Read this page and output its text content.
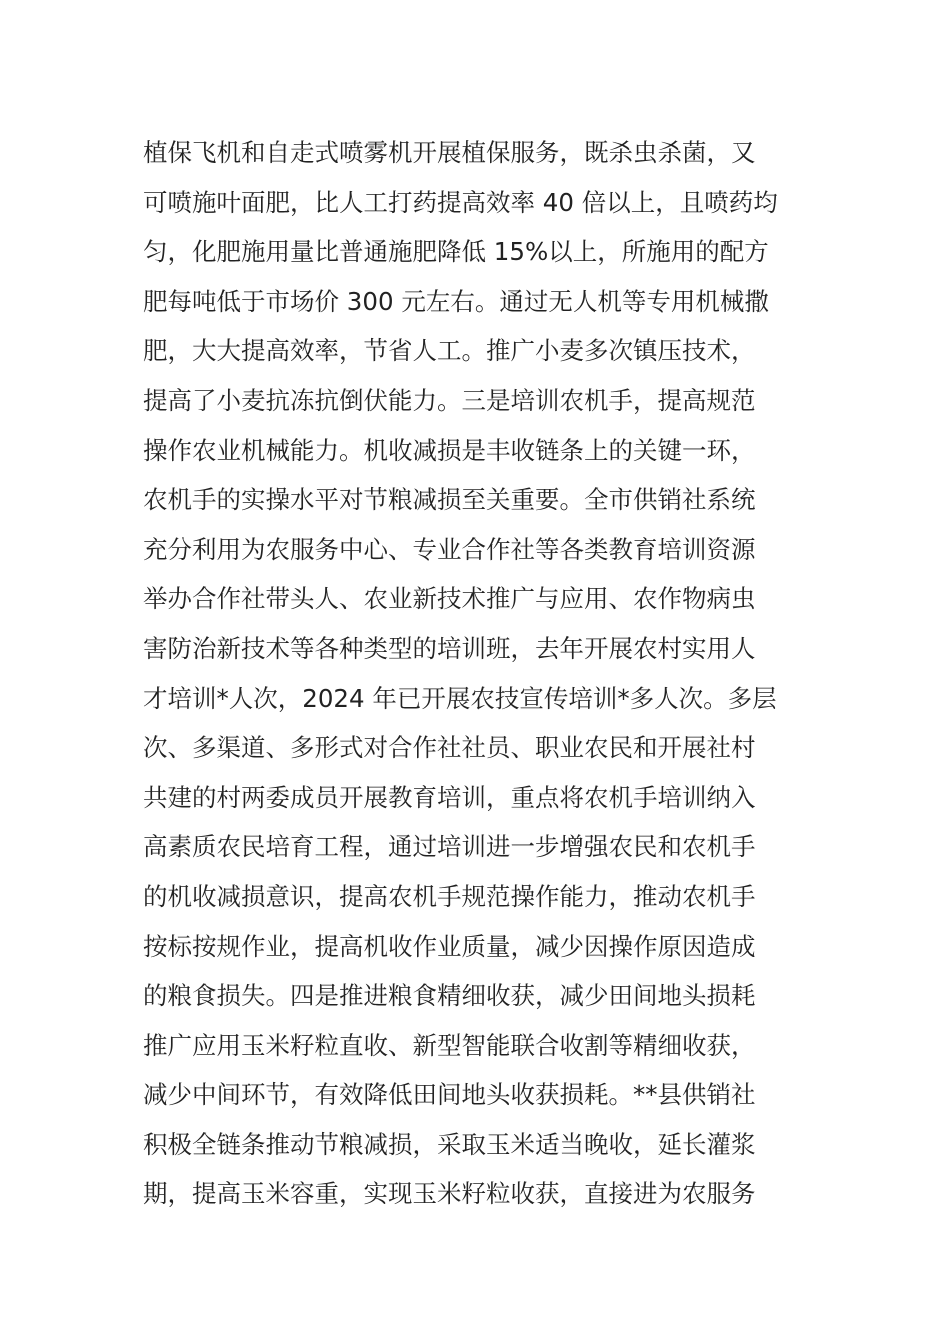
植保飞机和自走式喷雾机开展植保服务，既杀虫杀菌，又
可喷施叶面肥，比人工打药提高效率 40 倍以上，且喷药均
匀，化肥施用量比普通施肥降低 15%以上，所施用的配方
肥每吨低于市场价 300 元左右。通过无人机等专用机械撒
肥，大大提高效率，节省人工。推广小麦多次镇压技术，
提高了小麦抗冻抗倒伏能力。三是培训农机手，提高规范
操作农业机械能力。机收减损是丰收链条上的关键一环，
农机手的实操水平对节粮减损至关重要。全市供销社系统
充分利用为农服务中心、专业合作社等各类教育培训资源
举办合作社带头人、农业新技术推广与应用、农作物病虫
害防治新技术等各种类型的培训班，去年开展农村实用人
才培训*人次，2024 年已开展农技宣传培训*多人次。多层
次、多渠道、多形式对合作社社员、职业农民和开展社村
共建的村两委成员开展教育培训，重点将农机手培训纳入
高素质农民培育工程，通过培训进一步增强农民和农机手
的机收减损意识，提高农机手规范操作能力，推动农机手
按标按规作业，提高机收作业质量，减少因操作原因造成
的粮食损失。四是推进粮食精细收获，减少田间地头损耗
推广应用玉米籽粒直收、新型智能联合收割等精细收获，
减少中间环节，有效降低田间地头收获损耗。**县供销社
积极全链条推动节粮减损，采取玉米适当晚收，延长灌浆
期，提高玉米容重，实现玉米籽粒收获，直接进为农服务
